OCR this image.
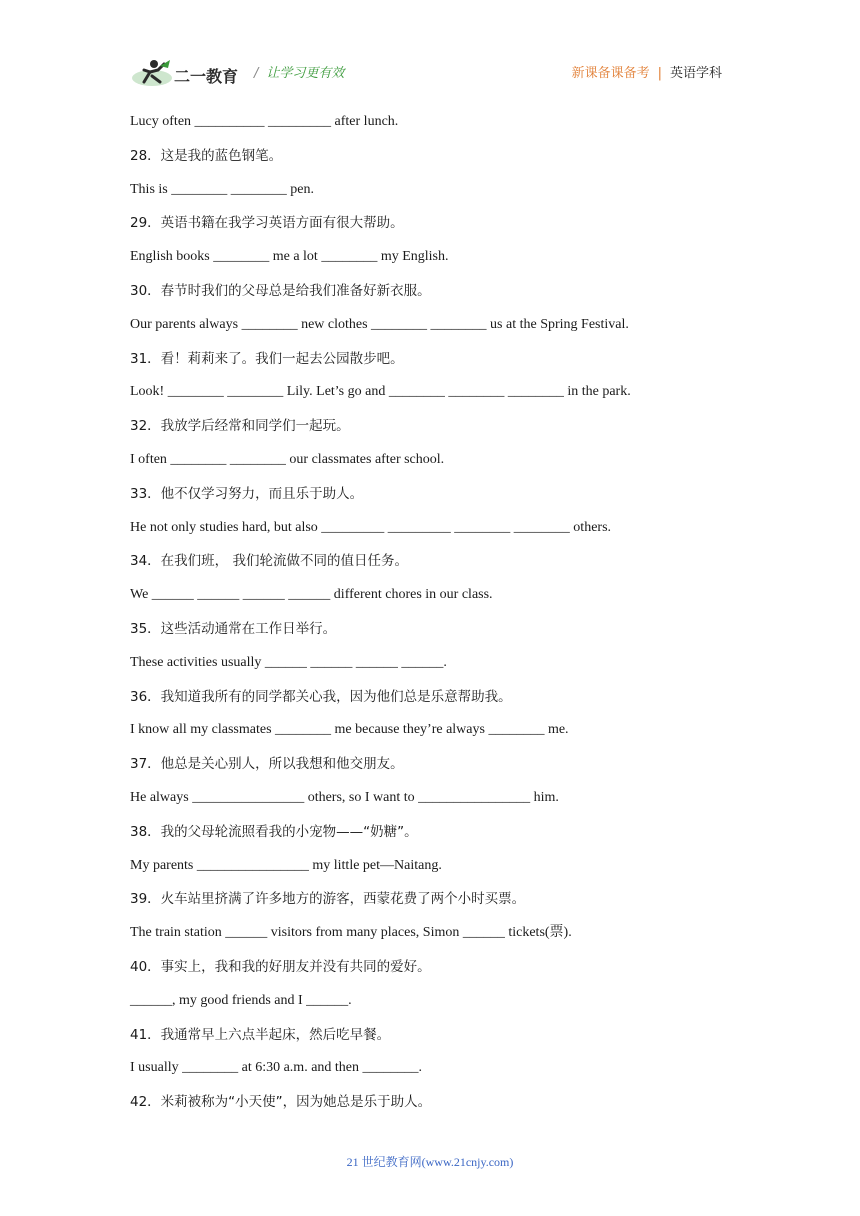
二一教育 / 让学习更有效	新课备课备考 | 英语学科
Lucy often __________ _________ after lunch.
28．这是我的蓝色钢笔。
This is ________ ________ pen.
29．英语书籍在我学习英语方面有很大帮助。
English books ________ me a lot ________ my English.
30．春节时我们的父母总是给我们准备好新衣服。
Our parents always ________ new clothes ________ ________ us at the Spring Festival.
31．看！莉莉来了。我们一起去公园散步吧。
Look! ________ ________ Lily. Let’s go and ________ ________ ________ in the park.
32．我放学后经常和同学们一起玩。
I often ________ ________ our classmates after school.
33．他不仅学习努力，而且乐于助人。
He not only studies hard, but also _________ _________ ________ ________ others.
34．在我们班， 我们轮流做不同的值日任务。
We ______ ______ ______ ______ different chores in our class.
35．这些活动通常在工作日举行。
These activities usually ______ ______ ______ ______.
36．我知道我所有的同学都关心我，因为他们总是乐意帮助我。
I know all my classmates ________ me because they’re always ________ me.
37．他总是关心别人，所以我想和他交朋友。
He always ________________ others, so I want to ________________ him.
38．我的父母轮流照看我的小宠物——“奶糖”。
My parents ________________ my little pet—Naitang.
39．火车站里挤满了许多地方的游客，西蒙花费了两个小时买票。
The train station ______ visitors from many places, Simon ______ tickets(票).
40．事实上，我和我的好朋友并没有共同的爱好。
______, my good friends and I ______.
41．我通常早上六点半起床，然后吃早餐。
I usually ________ at 6:30 a.m. and then ________.
42．米莉被称为“小天使”，因为她总是乐于助人。
21 世纪教育网(www.21cnjy.com)
